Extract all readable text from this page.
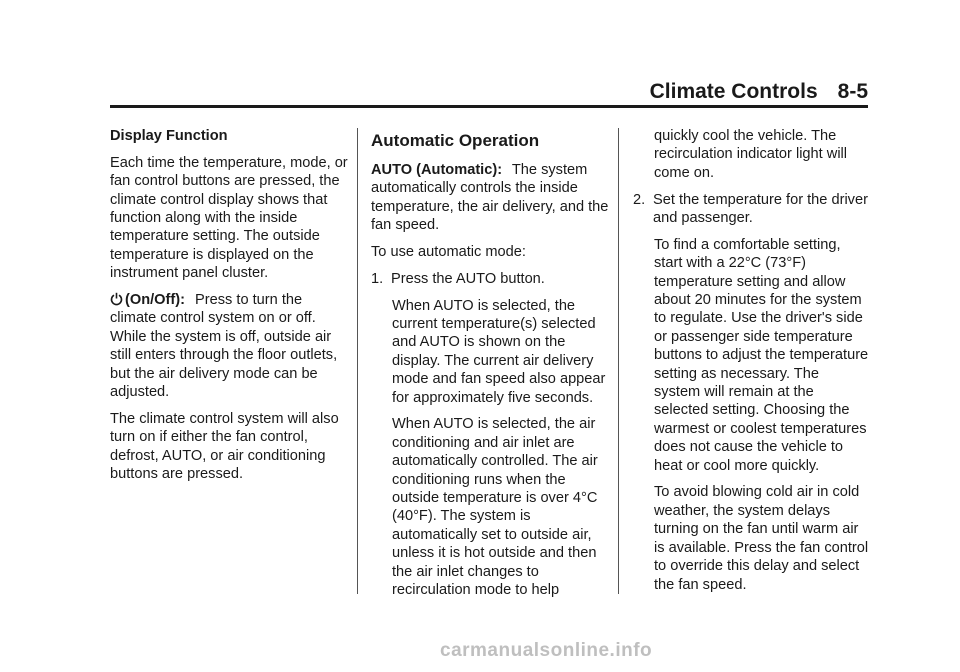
Climate Controls 8-5

Display Function

Each time the temperature, mode, or fan control buttons are pressed, the climate control display shows that function along with the inside temperature setting. The outside temperature is displayed on the instrument panel cluster.

(On/Off): Press to turn the climate control system on or off. While the system is off, outside air still enters through the floor outlets, but the air delivery mode can be adjusted.

The climate control system will also turn on if either the fan control, defrost, AUTO, or air conditioning buttons are pressed.

Automatic Operation

AUTO (Automatic): The system automatically controls the inside temperature, the air delivery, and the fan speed.

To use automatic mode:

1. Press the AUTO button.

When AUTO is selected, the current temperature(s) selected and AUTO is shown on the display. The current air delivery mode and fan speed also appear for approximately five seconds.

When AUTO is selected, the air conditioning and air inlet are automatically controlled. The air conditioning runs when the outside temperature is over 4°C (40°F). The system is automatically set to outside air, unless it is hot outside and then the air inlet changes to recirculation mode to help

quickly cool the vehicle. The recirculation indicator light will come on.

2. Set the temperature for the driver and passenger.

To find a comfortable setting, start with a 22°C (73°F) temperature setting and allow about 20 minutes for the system to regulate. Use the driver's side or passenger side temperature buttons to adjust the temperature setting as necessary. The system will remain at the selected setting. Choosing the warmest or coolest temperatures does not cause the vehicle to heat or cool more quickly.

To avoid blowing cold air in cold weather, the system delays turning on the fan until warm air is available. Press the fan control to override this delay and select the fan speed.

carmanualsonline.info
